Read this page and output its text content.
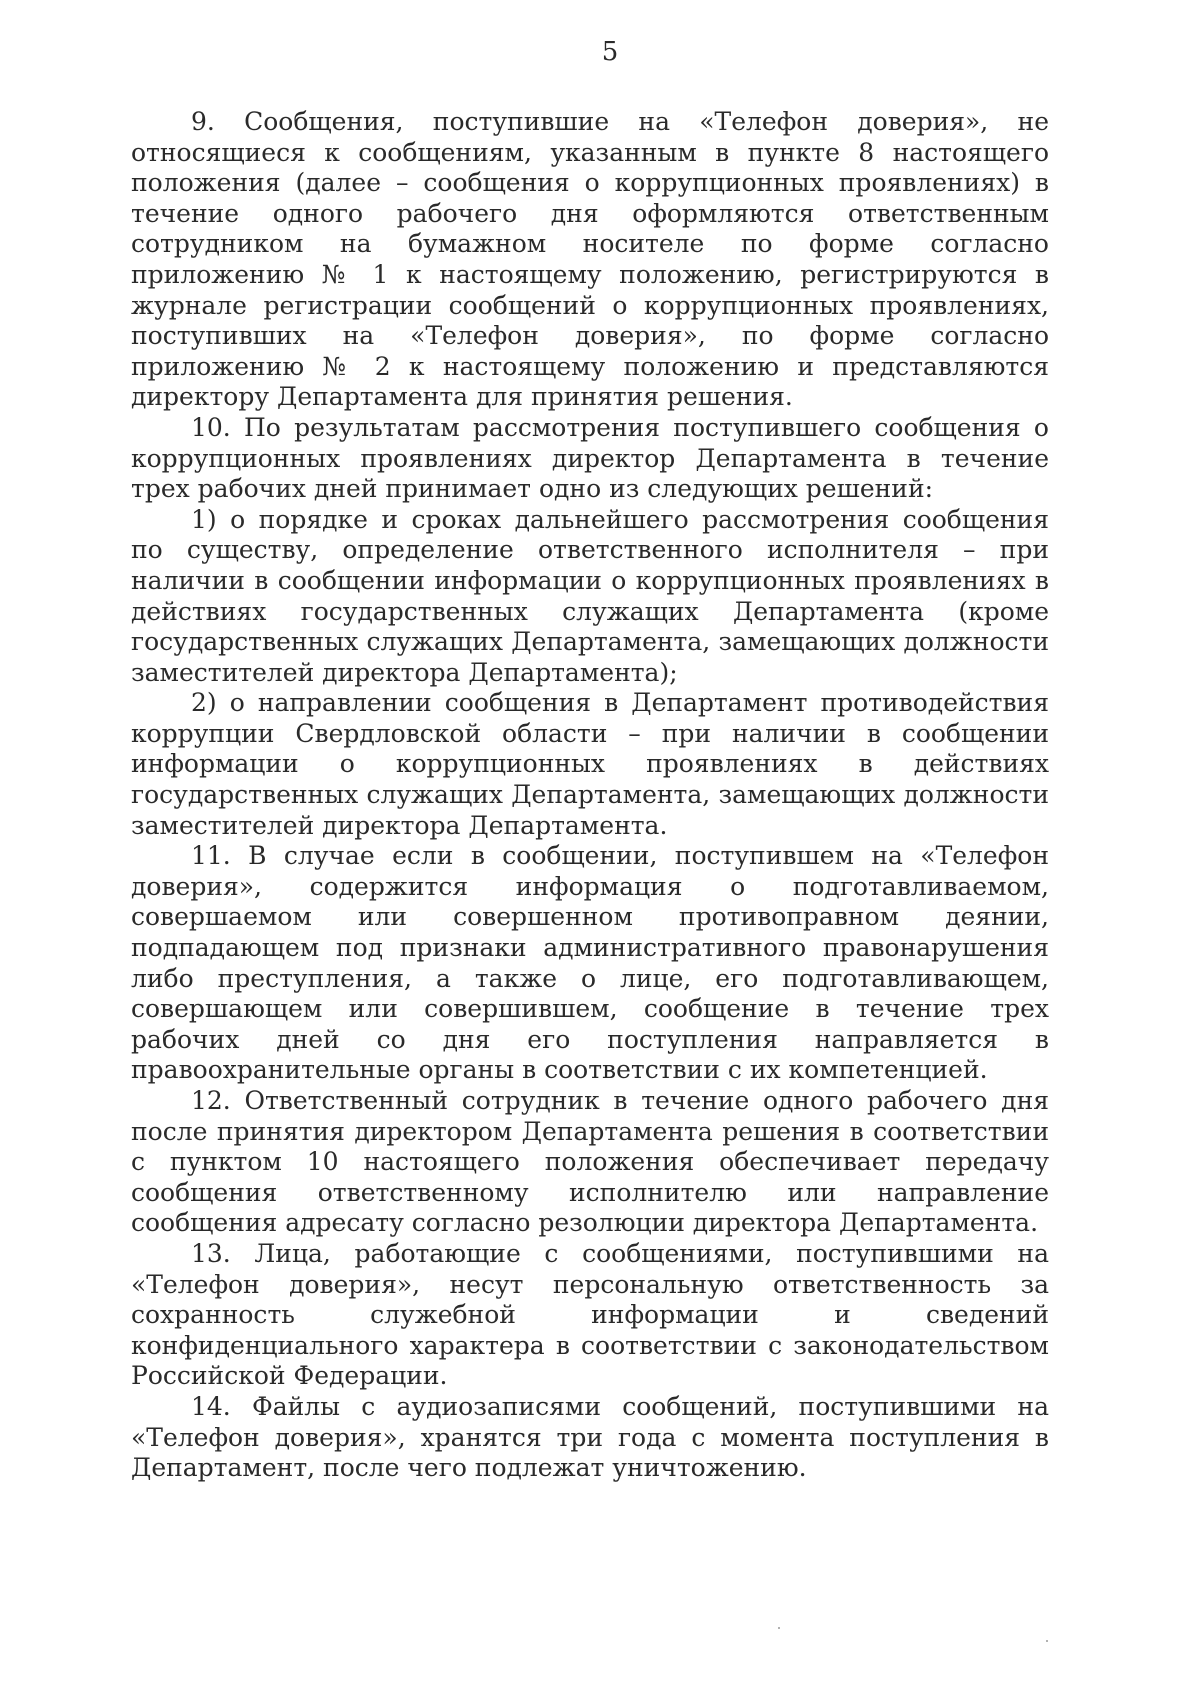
5

9. Сообщения, поступившие на «Телефон доверия», не относящиеся к сообщениям, указанным в пункте 8 настоящего положения (далее – сообщения о коррупционных проявлениях) в течение одного рабочего дня оформляются ответственным сотрудником на бумажном носителе по форме согласно приложению № 1 к настоящему положению, регистрируются в журнале регистрации сообщений о коррупционных проявлениях, поступивших на «Телефон доверия», по форме согласно приложению № 2 к настоящему положению и представляются директору Департамента для принятия решения.

10. По результатам рассмотрения поступившего сообщения о коррупционных проявлениях директор Департамента в течение трех рабочих дней принимает одно из следующих решений:

1) о порядке и сроках дальнейшего рассмотрения сообщения по существу, определение ответственного исполнителя – при наличии в сообщении информации о коррупционных проявлениях в действиях государственных служащих Департамента (кроме государственных служащих Департамента, замещающих должности заместителей директора Департамента);

2) о направлении сообщения в Департамент противодействия коррупции Свердловской области – при наличии в сообщении информации о коррупционных проявлениях в действиях государственных служащих Департамента, замещающих должности заместителей директора Департамента.

11. В случае если в сообщении, поступившем на «Телефон доверия», содержится информация о подготавливаемом, совершаемом или совершенном противоправном деянии, подпадающем под признаки административного правонарушения либо преступления, а также о лице, его подготавливающем, совершающем или совершившем, сообщение в течение трех рабочих дней со дня его поступления направляется в правоохранительные органы в соответствии с их компетенцией.

12. Ответственный сотрудник в течение одного рабочего дня после принятия директором Департамента решения в соответствии с пунктом 10 настоящего положения обеспечивает передачу сообщения ответственному исполнителю или направление сообщения адресату согласно резолюции директора Департамента.

13. Лица, работающие с сообщениями, поступившими на «Телефон доверия», несут персональную ответственность за сохранность служебной информации и сведений конфиденциального характера в соответствии с законодательством Российской Федерации.

14. Файлы с аудиозаписями сообщений, поступившими на «Телефон доверия», хранятся три года с момента поступления в Департамент, после чего подлежат уничтожению.
